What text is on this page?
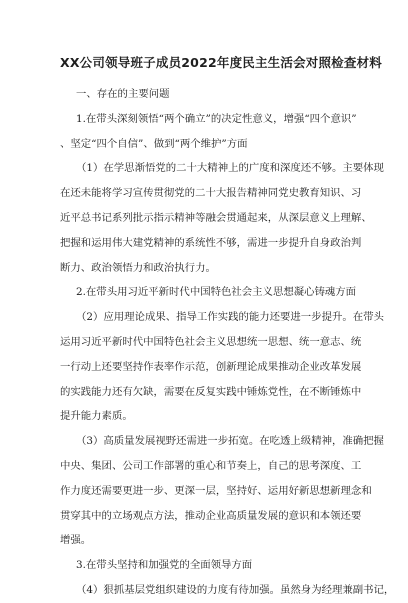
XX公司领导班子成员2022年度民主生活会对照检查材料
一、存在的主要问题
1.在带头深刻领悟“两个确立”的决定性意义，增强“四个意识”
、坚定“四个自信”、做到“两个维护”方面
（1）在学思渐悟党的二十大精神上的广度和深度还不够。主要体现
在还未能将学习宣传贯彻党的二十大报告精神同党史教育知识、习
近平总书记系列批示指示精神等融会贯通起来，从深层意义上理解、
把握和运用伟大建党精神的系统性不够，需进一步提升自身政治判
断力、政治领悟力和政治执行力。
2.在带头用习近平新时代中国特色社会主义思想凝心铸魂方面
（2）应用理论成果、指导工作实践的能力还要进一步提升。在带头
运用习近平新时代中国特色社会主义思想统一思想、统一意志、统
一行动上还要坚持作表率作示范，创新理论成果推动企业改革发展
的实践能力还有欠缺，需要在反复实践中锤炼党性，在不断锤炼中
提升能力素质。
（3）高质量发展视野还需进一步拓宽。在吃透上级精神，准确把握
中央、集团、公司工作部署的重心和节奏上，自己的思考深度、工
作力度还需要更进一步、更深一层，坚持好、运用好新思想新理念和
贯穿其中的立场观点方法，推动企业高质量发展的意识和本领还要
增强。
3.在带头坚持和加强党的全面领导方面
（4）狠抓基层党组织建设的力度有待加强。虽然身为经理兼副书记，
